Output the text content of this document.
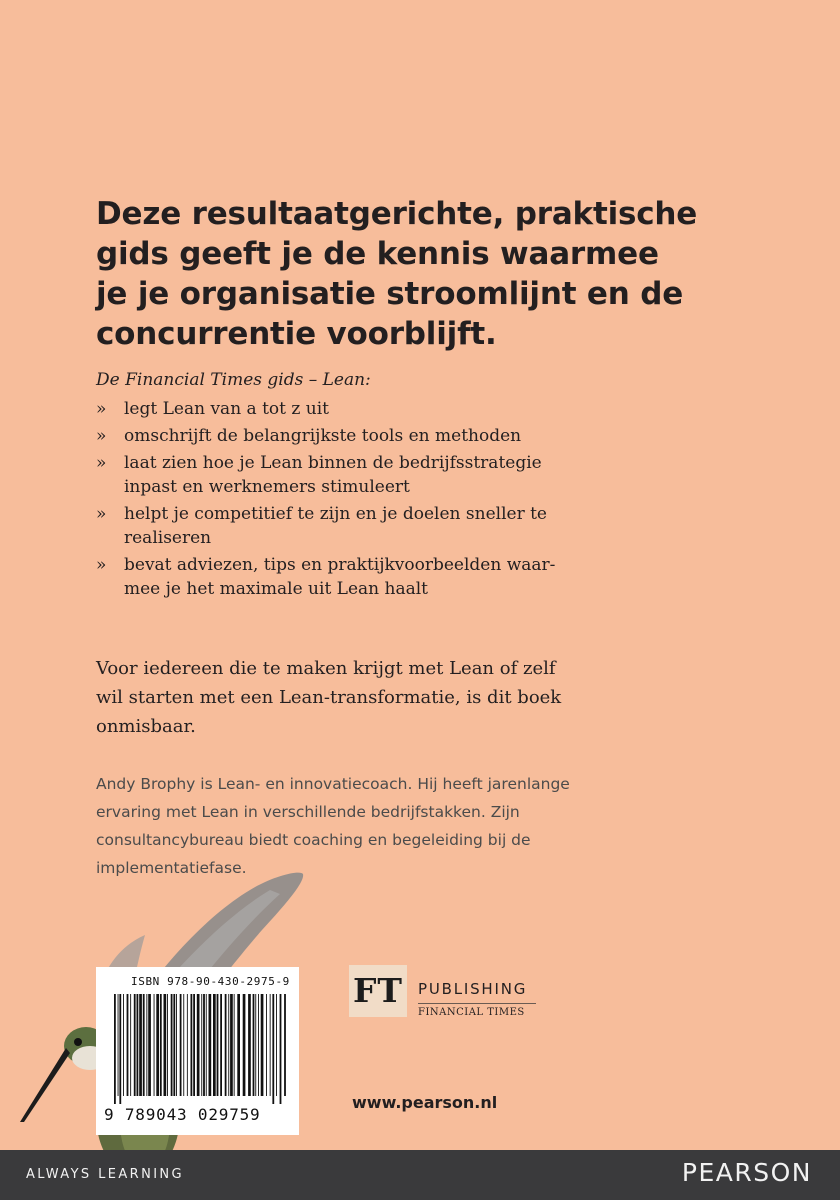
Deze resultaatgerichte, praktische
gids geeft je de kennis waarmee
je je organisatie stroomlijnt en de
concurrentie voorblijft.
De Financial Times gids – Lean:
»	legt Lean van a tot z uit
»	omschrijft de belangrijkste tools en methoden
»	laat zien hoe je Lean binnen de bedrijfsstrategie
inpast en werknemers stimuleert
»	helpt je competitief te zijn en je doelen sneller te
realiseren
»	bevat adviezen, tips en praktijkvoorbeelden waar-
mee je het maximale uit Lean haalt
Voor iedereen die te maken krijgt met Lean of zelf
wil starten met een Lean-transformatie, is dit boek
onmisbaar.
Andy Brophy is Lean- en innovatiecoach. Hij heeft jarenlange
ervaring met Lean in verschillende bedrijfstakken. Zijn
consultancybureau biedt coaching en begeleiding bij de
implementatiefase.
ISBN 978-90-430-2975-9
9 789043 029759
FT PUBLISHING
FINANCIAL TIMES
www.pearson.nl
ALWAYS LEARNING	PEARSON
